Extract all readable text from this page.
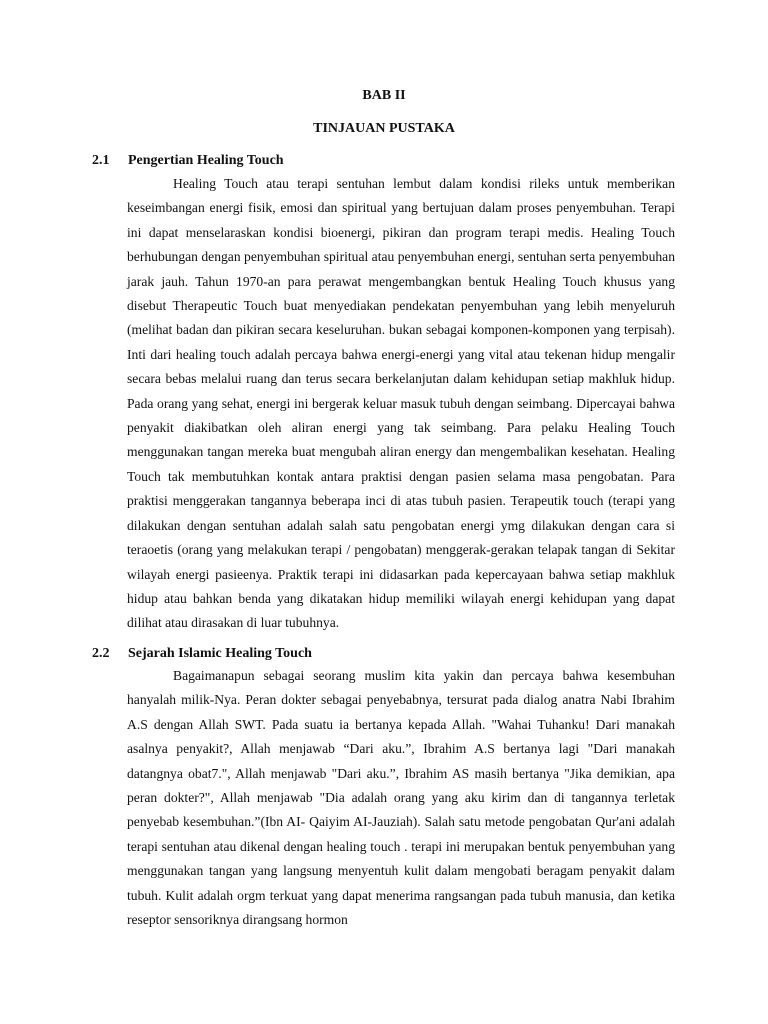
BAB II
TINJAUAN PUSTAKA
2.1 Pengertian Healing Touch
Healing Touch atau terapi sentuhan lembut dalam kondisi rileks untuk memberikan keseimbangan energi fisik, emosi dan spiritual yang bertujuan dalam proses penyembuhan. Terapi ini dapat menselaraskan kondisi bioenergi, pikiran dan program terapi medis. Healing Touch berhubungan dengan penyembuhan spiritual atau penyembuhan energi, sentuhan serta penyembuhan jarak jauh. Tahun 1970-an para perawat mengembangkan bentuk Healing Touch khusus yang disebut Therapeutic Touch buat menyediakan pendekatan penyembuhan yang lebih menyeluruh (melihat badan dan pikiran secara keseluruhan. bukan sebagai komponen-komponen yang terpisah). Inti dari healing touch adalah percaya bahwa energi-energi yang vital atau tekenan hidup mengalir secara bebas melalui ruang dan terus secara berkelanjutan dalam kehidupan setiap makhluk hidup. Pada orang yang sehat, energi ini bergerak keluar masuk tubuh dengan seimbang. Dipercayai bahwa penyakit diakibatkan oleh aliran energi yang tak seimbang. Para pelaku Healing Touch menggunakan tangan mereka buat mengubah aliran energy dan mengembalikan kesehatan. Healing Touch tak membutuhkan kontak antara praktisi dengan pasien selama masa pengobatan. Para praktisi menggerakan tangannya beberapa inci di atas tubuh pasien. Terapeutik touch (terapi yang dilakukan dengan sentuhan adalah salah satu pengobatan energi ymg dilakukan dengan cara si teraoetis (orang yang melakukan terapi / pengobatan) menggerak-gerakan telapak tangan di Sekitar wilayah energi pasieenya. Praktik terapi ini didasarkan pada kepercayaan bahwa setiap makhluk hidup atau bahkan benda yang dikatakan hidup memiliki wilayah energi kehidupan yang dapat dilihat atau dirasakan di luar tubuhnya.
2.2 Sejarah Islamic Healing Touch
Bagaimanapun sebagai seorang muslim kita yakin dan percaya bahwa kesembuhan hanyalah milik-Nya. Peran dokter sebagai penyebabnya, tersurat pada dialog anatra Nabi Ibrahim A.S dengan Allah SWT. Pada suatu ia bertanya kepada Allah. "Wahai Tuhanku! Dari manakah asalnya penyakit?, Allah menjawab “Dari aku.”, Ibrahim A.S bertanya lagi "Dari manakah datangnya obat7.", Allah menjawab "Dari aku.”, Ibrahim AS masih bertanya "Jika demikian, apa peran dokter?", Allah menjawab "Dia adalah orang yang aku kirim dan di tangannya terletak penyebab kesembuhan.”(Ibn AI- Qaiyim AI-Jauziah). Salah satu metode pengobatan Qur'ani adalah terapi sentuhan atau dikenal dengan healing touch . terapi ini merupakan bentuk penyembuhan yang menggunakan tangan yang langsung menyentuh kulit dalam mengobati beragam penyakit dalam tubuh. Kulit adalah orgm terkuat yang dapat menerima rangsangan pada tubuh manusia, dan ketika reseptor sensoriknya dirangsang hormon
